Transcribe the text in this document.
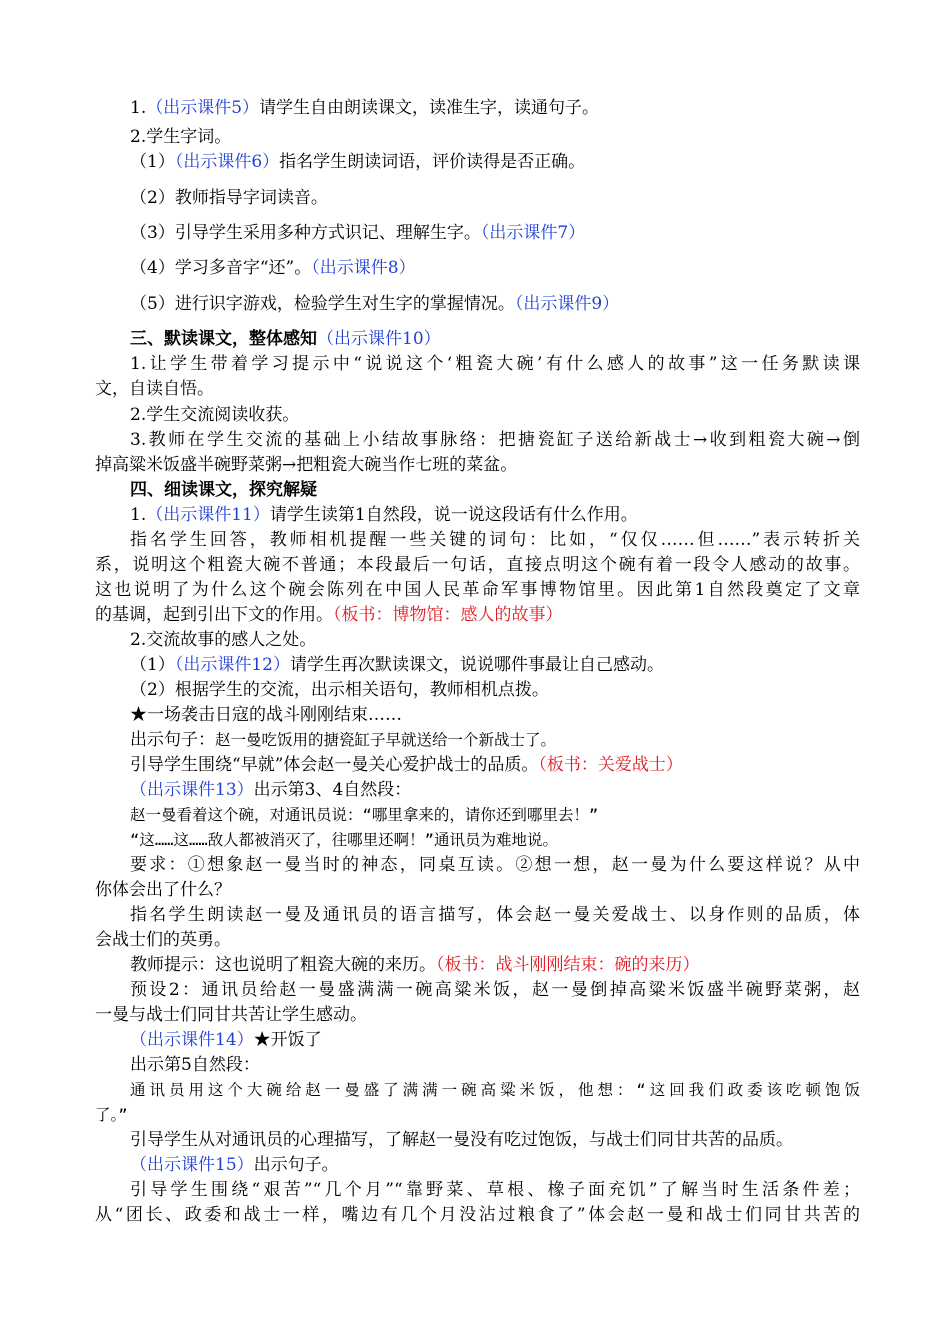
1.（出示课件5）请学生自由朗读课文，读准生字，读通句子。
2.学生字词。
（1）（出示课件6）指名学生朗读词语，评价读得是否正确。
（2）教师指导字词读音。
（3）引导学生采用多种方式识记、理解生字。（出示课件7）
（4）学习多音字“还”。（出示课件8）
（5）进行识字游戏，检验学生对生字的掌握情况。（出示课件9）
三、默读课文，整体感知（出示课件10）
1.让学生带着学习提示中“说说这个‘粗瓷大碗’有什么感人的故事”这一任务默读课
文，自读自悟。
2.学生交流阅读收获。
3.教师在学生交流的基础上小结故事脉络：把搪瓷缸子送给新战士→收到粗瓷大碗→倒
掉高粱米饭盛半碗野菜粥→把粗瓷大碗当作七班的菜盆。
四、细读课文，探究解疑
1.（出示课件11）请学生读第1自然段，说一说这段话有什么作用。
指名学生回答，教师相机提醒一些关键的词句：比如，“仅仅……但……”表示转折关
系，说明这个粗瓷大碗不普通；本段最后一句话，直接点明这个碗有着一段令人感动的故事。
这也说明了为什么这个碗会陈列在中国人民革命军事博物馆里。因此第1自然段奠定了文章
的基调，起到引出下文的作用。（板书：博物馆：感人的故事）
2.交流故事的感人之处。
（1）（出示课件12）请学生再次默读课文，说说哪件事最让自己感动。
（2）根据学生的交流，出示相关语句，教师相机点拨。
★一场袭击日寇的战斗刚刚结束……
出示句子：赵一曼吃饭用的搪瓷缸子早就送给一个新战士了。
引导学生围绕“早就”体会赵一曼关心爱护战士的品质。（板书：关爱战士）
（出示课件13）出示第3、4自然段：
赵一曼看着这个碗，对通讯员说：“哪里拿来的，请你还到哪里去！”
“这……这……敌人都被消灭了，往哪里还啊！”通讯员为难地说。
要求：①想象赵一曼当时的神态，同桌互读。②想一想，赵一曼为什么要这样说？从中
你体会出了什么？
指名学生朗读赵一曼及通讯员的语言描写，体会赵一曼关爱战士、以身作则的品质，体
会战士们的英勇。
教师提示：这也说明了粗瓷大碗的来历。（板书：战斗刚刚结束：碗的来历）
预设2：通讯员给赵一曼盛满满一碗高粱米饭，赵一曼倒掉高粱米饭盛半碗野菜粥，赵
一曼与战士们同甘共苦让学生感动。
（出示课件14）★开饭了
出示第5自然段：
通讯员用这个大碗给赵一曼盛了满满一碗高粱米饭，他想：“这回我们政委该吃顿饱饭
了。”
引导学生从对通讯员的心理描写，了解赵一曼没有吃过饱饭，与战士们同甘共苦的品质。
（出示课件15）出示句子。
引导学生围绕“艰苦”“几个月”“靠野菜、草根、橡子面充饥”了解当时生活条件差；
从“团长、政委和战士一样，嘴边有几个月没沾过粮食了”体会赵一曼和战士们同甘共苦的
